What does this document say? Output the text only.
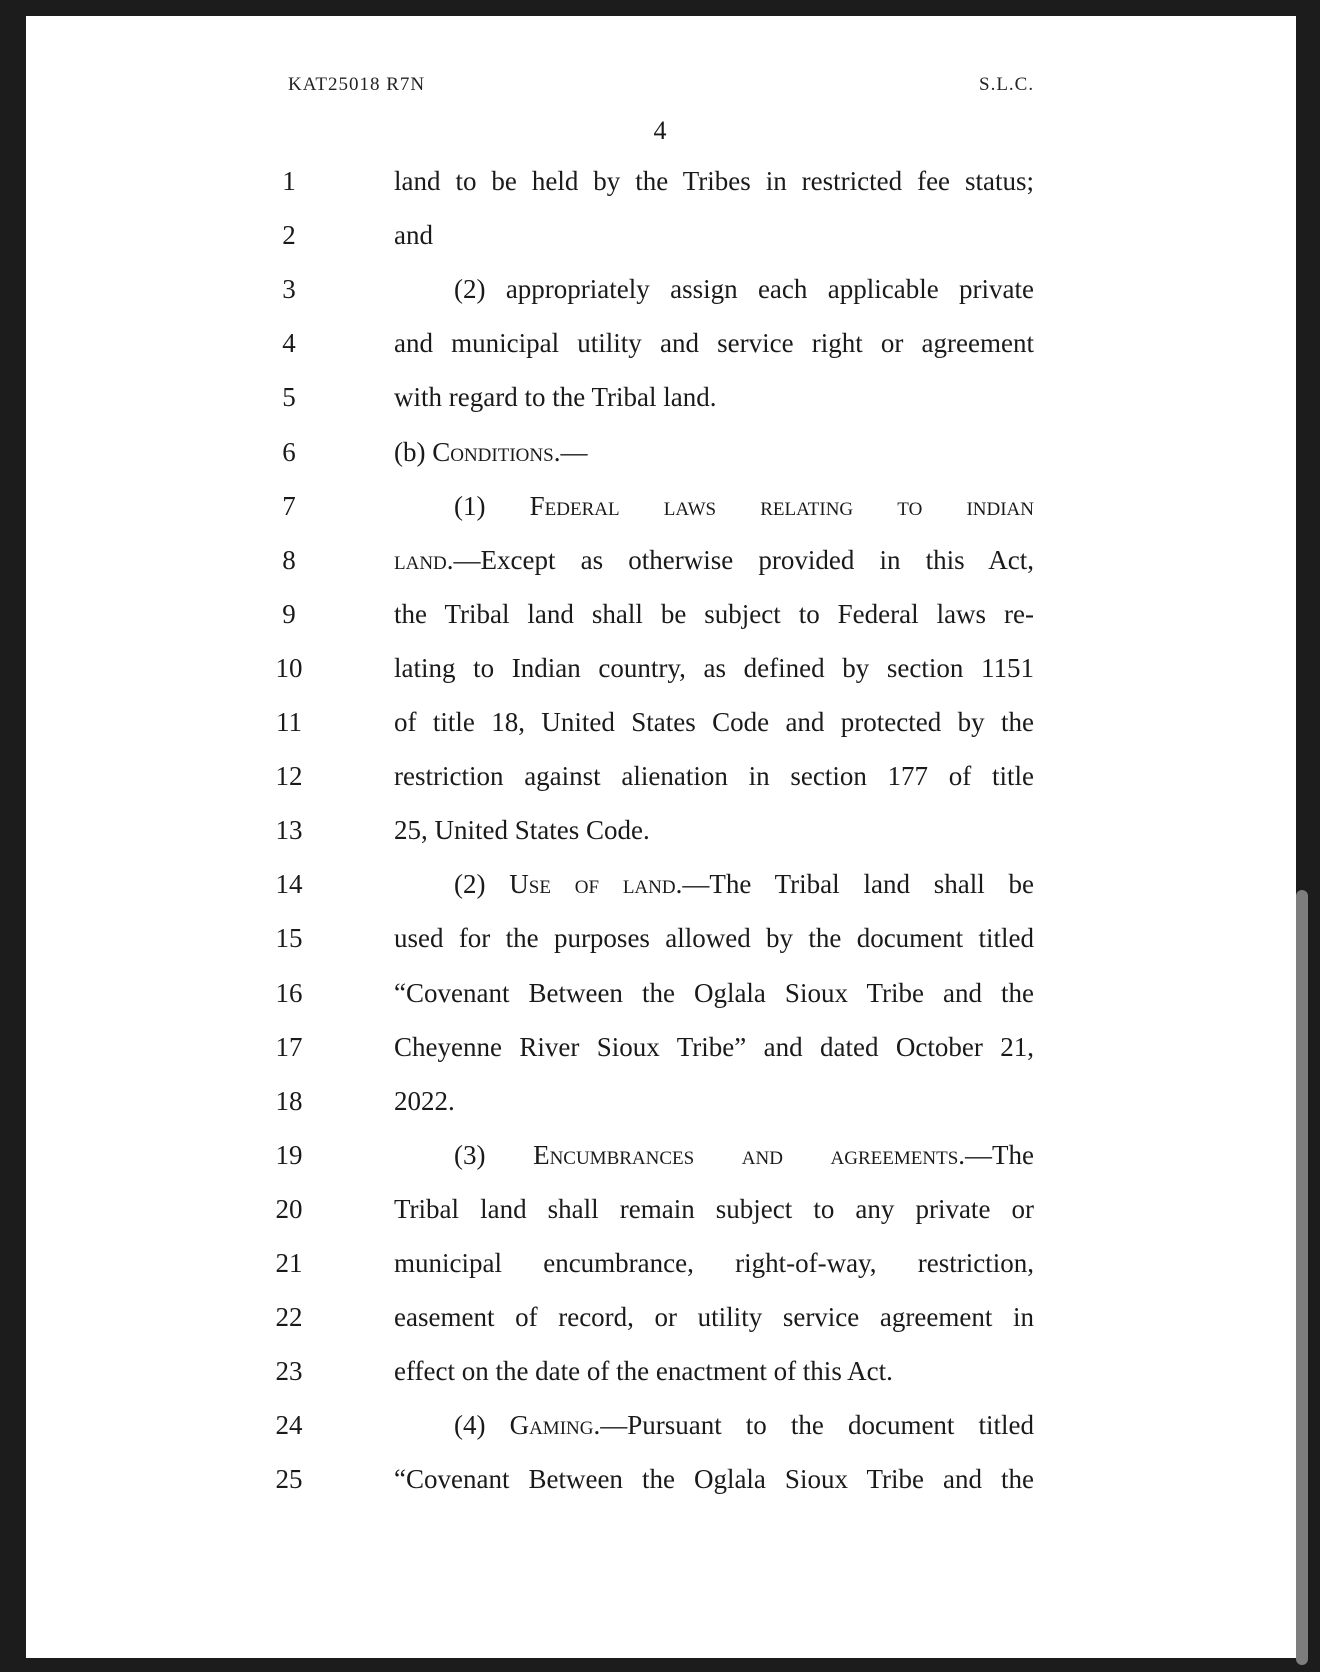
KAT25018 R7N	S.L.C.
4
1	land to be held by the Tribes in restricted fee status;
2	and
3	(2) appropriately assign each applicable private
4	and municipal utility and service right or agreement
5	with regard to the Tribal land.
6	(b) Conditions.—
7	(1) Federal laws relating to indian
8	land.—Except as otherwise provided in this Act,
9	the Tribal land shall be subject to Federal laws re-
10	lating to Indian country, as defined by section 1151
11	of title 18, United States Code and protected by the
12	restriction against alienation in section 177 of title
13	25, United States Code.
14	(2) Use of land.—The Tribal land shall be
15	used for the purposes allowed by the document titled
16	“Covenant Between the Oglala Sioux Tribe and the
17	Cheyenne River Sioux Tribe” and dated October 21,
18	2022.
19	(3) Encumbrances and agreements.—The
20	Tribal land shall remain subject to any private or
21	municipal encumbrance, right-of-way, restriction,
22	easement of record, or utility service agreement in
23	effect on the date of the enactment of this Act.
24	(4) Gaming.—Pursuant to the document titled
25	“Covenant Between the Oglala Sioux Tribe and the
